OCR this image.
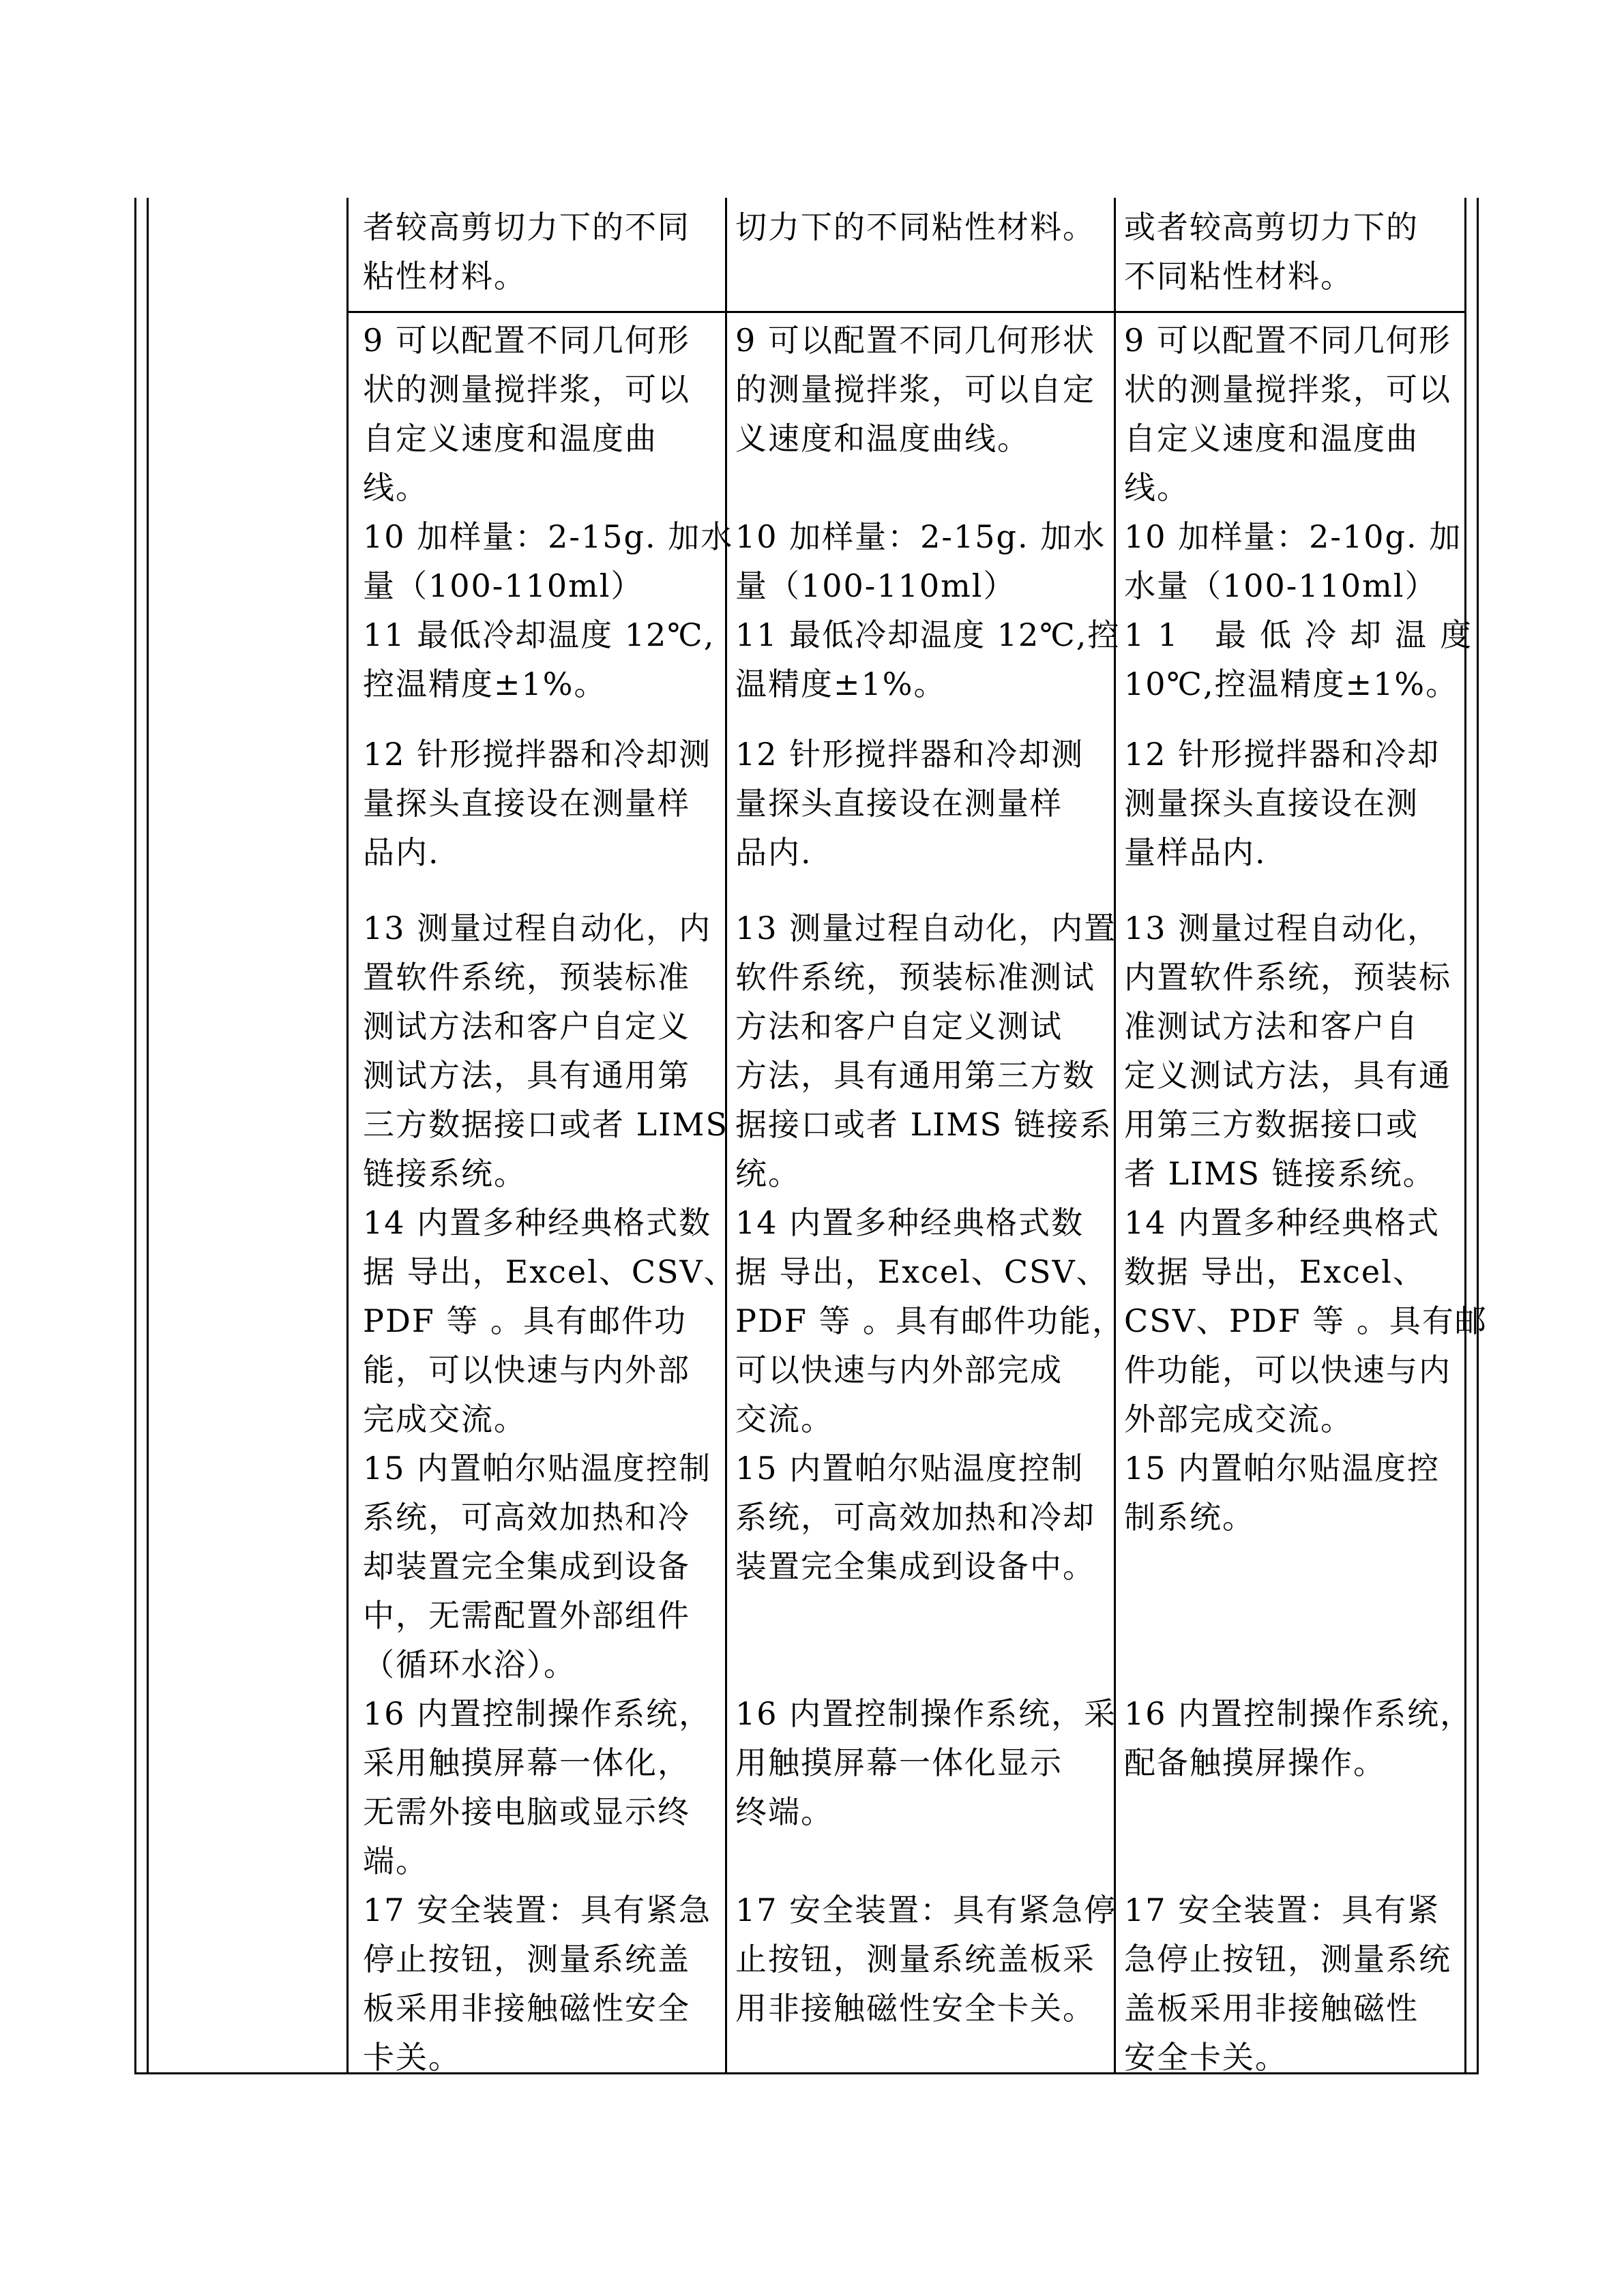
者较高剪切力下的不同
粘性材料。
切力下的不同粘性材料。 或者较高剪切力下的
不同粘性材料。
9 可以配置不同几何形
状的测量搅拌浆，可以
自定义速度和温度曲
线。
10 加样量：2-15g. 加水
量（100-110ml）
11 最低冷却温度 12℃,
控温精度±1%。
12 针形搅拌器和冷却测
量探头直接设在测量样
品内.
13 测量过程自动化，内
置软件系统，预装标准
测试方法和客户自定义
测试方法，具有通用第
三方数据接口或者 LIMS
链接系统。
14 内置多种经典格式数
据 导出，Excel、CSV、
PDF 等 。具有邮件功
能，可以快速与内外部
完成交流。
15 内置帕尔贴温度控制
系统，可高效加热和冷
却装置完全集成到设备
中，无需配置外部组件
（循环水浴）。
16 内置控制操作系统，
采用触摸屏幕一体化，
无需外接电脑或显示终
端。
17 安全装置：具有紧急
停止按钮，测量系统盖
板采用非接触磁性安全
卡关。
9 可以配置不同几何形状
的测量搅拌浆，可以自定
义速度和温度曲线。
10 加样量：2-15g. 加水
量（100-110ml）
11 最低冷却温度 12℃,控
温精度±1%。
12 针形搅拌器和冷却测
量探头直接设在测量样
品内.
13 测量过程自动化，内置
软件系统，预装标准测试
方法和客户自定义测试
方法，具有通用第三方数
据接口或者 LIMS 链接系
统。
14 内置多种经典格式数
据 导出，Excel、CSV、
PDF 等 。具有邮件功能，
可以快速与内外部完成
交流。
15 内置帕尔贴温度控制
系统，可高效加热和冷却
装置完全集成到设备中。
16 内置控制操作系统，采
用触摸屏幕一体化显示
终端。
17 安全装置：具有紧急停
止按钮，测量系统盖板采
用非接触磁性安全卡关。
9 可以配置不同几何形
状的测量搅拌浆，可以
自定义速度和温度曲
线。
10 加样量：2-10g. 加
水量（100-110ml）
11 最低冷却温度
10℃,控温精度±1%。
12 针形搅拌器和冷却
测量探头直接设在测
量样品内.
13 测量过程自动化，
内置软件系统，预装标
准测试方法和客户自
定义测试方法，具有通
用第三方数据接口或
者 LIMS 链接系统。
14 内置多种经典格式
数据 导出，Excel、
CSV、PDF 等 。具有邮
件功能，可以快速与内
外部完成交流。
15 内置帕尔贴温度控
制系统。
16 内置控制操作系统，
配备触摸屏操作。
17 安全装置：具有紧
急停止按钮，测量系统
盖板采用非接触磁性
安全卡关。
